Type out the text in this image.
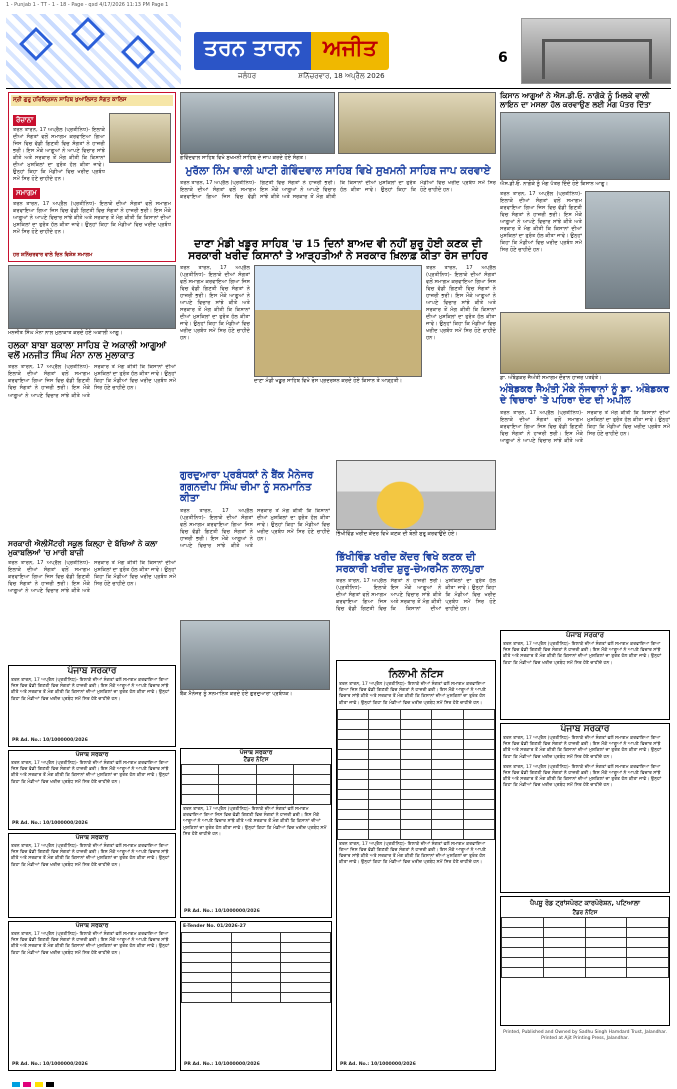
1 - Punjab 1 - TT - 1 - 18 - Page - qxd 4/17/2026 11:13 PM Page 1
ਤਰਨ ਤਾਰਨ	ਅਜੀਤ
ਜਲੰਧਰ	ਸ਼ਨਿੱਚਰਵਾਰ, 18 ਅਪ੍ਰੈਲ 2026
6
ਸ੍ਰੀ ਗੁਰੂ ਹਰਿਕ੍ਰਿਸ਼ਨ ਸਾਹਿਬ ਖੁਆਲਿਸਤ ਸੰਗਤ ਕਾਲਿਸ
ਰੋਜ਼ਾਨਾ
ਤਰਨ ਤਾਰਨ, 17 ਅਪ੍ਰੈਲ (ਪ੍ਰਤੀਨਿਧ)- ਇਲਾਕੇ ਦੀਆਂ ਸੰਗਤਾਂ ਵਲੋਂ ਸਮਾਗਮ ਕਰਵਾਇਆ ਗਿਆ ਜਿਸ ਵਿਚ ਵੱਡੀ ਗਿਣਤੀ ਵਿਚ ਸੰਗਤਾਂ ਨੇ ਹਾਜ਼ਰੀ ਭਰੀ। ਇਸ ਮੌਕੇ ਆਗੂਆਂ ਨੇ ਆਪਣੇ ਵਿਚਾਰ ਸਾਂਝੇ ਕੀਤੇ ਅਤੇ ਸਰਕਾਰ ਤੋਂ ਮੰਗ ਕੀਤੀ ਕਿ ਕਿਸਾਨਾਂ ਦੀਆਂ ਮੁਸ਼ਕਿਲਾਂ ਦਾ ਤੁਰੰਤ ਹੱਲ ਕੀਤਾ ਜਾਵੇ। ਉਨ੍ਹਾਂ ਕਿਹਾ ਕਿ ਮੰਡੀਆਂ ਵਿਚ ਖਰੀਦ ਪ੍ਰਬੰਧ ਸਮੇਂ ਸਿਰ ਹੋਣੇ ਚਾਹੀਦੇ ਹਨ।
ਸਮਾਗਮ
ਤਰਨ ਤਾਰਨ, 17 ਅਪ੍ਰੈਲ (ਪ੍ਰਤੀਨਿਧ)- ਇਲਾਕੇ ਦੀਆਂ ਸੰਗਤਾਂ ਵਲੋਂ ਸਮਾਗਮ ਕਰਵਾਇਆ ਗਿਆ ਜਿਸ ਵਿਚ ਵੱਡੀ ਗਿਣਤੀ ਵਿਚ ਸੰਗਤਾਂ ਨੇ ਹਾਜ਼ਰੀ ਭਰੀ। ਇਸ ਮੌਕੇ ਆਗੂਆਂ ਨੇ ਆਪਣੇ ਵਿਚਾਰ ਸਾਂਝੇ ਕੀਤੇ ਅਤੇ ਸਰਕਾਰ ਤੋਂ ਮੰਗ ਕੀਤੀ ਕਿ ਕਿਸਾਨਾਂ ਦੀਆਂ ਮੁਸ਼ਕਿਲਾਂ ਦਾ ਤੁਰੰਤ ਹੱਲ ਕੀਤਾ ਜਾਵੇ। ਉਨ੍ਹਾਂ ਕਿਹਾ ਕਿ ਮੰਡੀਆਂ ਵਿਚ ਖਰੀਦ ਪ੍ਰਬੰਧ ਸਮੇਂ ਸਿਰ ਹੋਣੇ ਚਾਹੀਦੇ ਹਨ।
ਹਰ ਸ਼ਨਿੱਚਰਵਾਰ ਵਾਲੇ ਦਿਨ ਵਿਸ਼ੇਸ਼ ਸਮਾਗਮ
ਮਨਜੀਤ ਸਿੰਘ ਮੰਨਾ ਨਾਲ ਮੁਲਾਕਾਤ ਕਰਦੇ ਹੋਏ ਅਕਾਲੀ ਆਗੂ।
ਹਲਕਾ ਬਾਬਾ ਬਕਾਲਾ ਸਾਹਿਬ ਦੇ ਅਕਾਲੀ ਆਗੂਆਂ ਵਲੋਂ ਮਨਜੀਤ ਸਿੰਘ ਮੰਨਾ ਨਾਲ ਮੁਲਾਕਾਤ
ਤਰਨ ਤਾਰਨ, 17 ਅਪ੍ਰੈਲ (ਪ੍ਰਤੀਨਿਧ)- ਇਲਾਕੇ ਦੀਆਂ ਸੰਗਤਾਂ ਵਲੋਂ ਸਮਾਗਮ ਕਰਵਾਇਆ ਗਿਆ ਜਿਸ ਵਿਚ ਵੱਡੀ ਗਿਣਤੀ ਵਿਚ ਸੰਗਤਾਂ ਨੇ ਹਾਜ਼ਰੀ ਭਰੀ। ਇਸ ਮੌਕੇ ਆਗੂਆਂ ਨੇ ਆਪਣੇ ਵਿਚਾਰ ਸਾਂਝੇ ਕੀਤੇ ਅਤੇ ਸਰਕਾਰ ਤੋਂ ਮੰਗ ਕੀਤੀ ਕਿ ਕਿਸਾਨਾਂ ਦੀਆਂ ਮੁਸ਼ਕਿਲਾਂ ਦਾ ਤੁਰੰਤ ਹੱਲ ਕੀਤਾ ਜਾਵੇ। ਉਨ੍ਹਾਂ ਕਿਹਾ ਕਿ ਮੰਡੀਆਂ ਵਿਚ ਖਰੀਦ ਪ੍ਰਬੰਧ ਸਮੇਂ ਸਿਰ ਹੋਣੇ ਚਾਹੀਦੇ ਹਨ।
ਗੋਵਿੰਦਵਾਲ ਸਾਹਿਬ ਵਿਖੇ ਸੁਖਮਨੀ ਸਾਹਿਬ ਦੇ ਜਾਪ ਕਰਦੇ ਹੋਏ ਸੰਗਤ।
ਮੁਰੱਲਾ ਨਿੰਮ ਵਾਲੀ ਘਾਟੀ ਗੋਵਿੰਦਵਾਲ ਸਾਹਿਬ ਵਿਖੇ ਸੁਖਮਨੀ ਸਾਹਿਬ ਜਾਪ ਕਰਵਾਏ
ਤਰਨ ਤਾਰਨ, 17 ਅਪ੍ਰੈਲ (ਪ੍ਰਤੀਨਿਧ)- ਇਲਾਕੇ ਦੀਆਂ ਸੰਗਤਾਂ ਵਲੋਂ ਸਮਾਗਮ ਕਰਵਾਇਆ ਗਿਆ ਜਿਸ ਵਿਚ ਵੱਡੀ ਗਿਣਤੀ ਵਿਚ ਸੰਗਤਾਂ ਨੇ ਹਾਜ਼ਰੀ ਭਰੀ। ਇਸ ਮੌਕੇ ਆਗੂਆਂ ਨੇ ਆਪਣੇ ਵਿਚਾਰ ਸਾਂਝੇ ਕੀਤੇ ਅਤੇ ਸਰਕਾਰ ਤੋਂ ਮੰਗ ਕੀਤੀ ਕਿ ਕਿਸਾਨਾਂ ਦੀਆਂ ਮੁਸ਼ਕਿਲਾਂ ਦਾ ਤੁਰੰਤ ਹੱਲ ਕੀਤਾ ਜਾਵੇ। ਉਨ੍ਹਾਂ ਕਿਹਾ ਕਿ ਮੰਡੀਆਂ ਵਿਚ ਖਰੀਦ ਪ੍ਰਬੰਧ ਸਮੇਂ ਸਿਰ ਹੋਣੇ ਚਾਹੀਦੇ ਹਨ।
ਦਾਣਾ ਮੰਡੀ ਖਡੂਰ ਸਾਹਿਬ 'ਚ 15 ਦਿਨਾਂ ਬਾਅਦ ਵੀ ਨਹੀਂ ਸ਼ੁਰੂ ਹੋਈ ਕਣਕ ਦੀ ਸਰਕਾਰੀ ਖਰੀਦ ਕਿਸਾਨਾਂ ਤੇ ਆੜ੍ਹਤੀਆਂ ਨੇ ਸਰਕਾਰ ਖ਼ਿਲਾਫ਼ ਕੀਤਾ ਰੋਸ ਜ਼ਾਹਿਰ
ਤਰਨ ਤਾਰਨ, 17 ਅਪ੍ਰੈਲ (ਪ੍ਰਤੀਨਿਧ)- ਇਲਾਕੇ ਦੀਆਂ ਸੰਗਤਾਂ ਵਲੋਂ ਸਮਾਗਮ ਕਰਵਾਇਆ ਗਿਆ ਜਿਸ ਵਿਚ ਵੱਡੀ ਗਿਣਤੀ ਵਿਚ ਸੰਗਤਾਂ ਨੇ ਹਾਜ਼ਰੀ ਭਰੀ। ਇਸ ਮੌਕੇ ਆਗੂਆਂ ਨੇ ਆਪਣੇ ਵਿਚਾਰ ਸਾਂਝੇ ਕੀਤੇ ਅਤੇ ਸਰਕਾਰ ਤੋਂ ਮੰਗ ਕੀਤੀ ਕਿ ਕਿਸਾਨਾਂ ਦੀਆਂ ਮੁਸ਼ਕਿਲਾਂ ਦਾ ਤੁਰੰਤ ਹੱਲ ਕੀਤਾ ਜਾਵੇ। ਉਨ੍ਹਾਂ ਕਿਹਾ ਕਿ ਮੰਡੀਆਂ ਵਿਚ ਖਰੀਦ ਪ੍ਰਬੰਧ ਸਮੇਂ ਸਿਰ ਹੋਣੇ ਚਾਹੀਦੇ ਹਨ।
ਦਾਣਾ ਮੰਡੀ ਖਡੂਰ ਸਾਹਿਬ ਵਿਖੇ ਰੋਸ ਪ੍ਰਦਰਸ਼ਨ ਕਰਦੇ ਹੋਏ ਕਿਸਾਨ ਤੇ ਆੜ੍ਹਤੀ।
ਤਰਨ ਤਾਰਨ, 17 ਅਪ੍ਰੈਲ (ਪ੍ਰਤੀਨਿਧ)- ਇਲਾਕੇ ਦੀਆਂ ਸੰਗਤਾਂ ਵਲੋਂ ਸਮਾਗਮ ਕਰਵਾਇਆ ਗਿਆ ਜਿਸ ਵਿਚ ਵੱਡੀ ਗਿਣਤੀ ਵਿਚ ਸੰਗਤਾਂ ਨੇ ਹਾਜ਼ਰੀ ਭਰੀ। ਇਸ ਮੌਕੇ ਆਗੂਆਂ ਨੇ ਆਪਣੇ ਵਿਚਾਰ ਸਾਂਝੇ ਕੀਤੇ ਅਤੇ ਸਰਕਾਰ ਤੋਂ ਮੰਗ ਕੀਤੀ ਕਿ ਕਿਸਾਨਾਂ ਦੀਆਂ ਮੁਸ਼ਕਿਲਾਂ ਦਾ ਤੁਰੰਤ ਹੱਲ ਕੀਤਾ ਜਾਵੇ। ਉਨ੍ਹਾਂ ਕਿਹਾ ਕਿ ਮੰਡੀਆਂ ਵਿਚ ਖਰੀਦ ਪ੍ਰਬੰਧ ਸਮੇਂ ਸਿਰ ਹੋਣੇ ਚਾਹੀਦੇ ਹਨ।
ਗੁਰਦੁਆਰਾ ਪ੍ਰਬੰਧਕਾਂ ਨੇ ਬੈਂਕ ਮੈਨੇਜਰ ਗਗਨਦੀਪ ਸਿੰਘ ਚੀਮਾ ਨੂੰ ਸਨਮਾਨਿਤ ਕੀਤਾ
ਤਰਨ ਤਾਰਨ, 17 ਅਪ੍ਰੈਲ (ਪ੍ਰਤੀਨਿਧ)- ਇਲਾਕੇ ਦੀਆਂ ਸੰਗਤਾਂ ਵਲੋਂ ਸਮਾਗਮ ਕਰਵਾਇਆ ਗਿਆ ਜਿਸ ਵਿਚ ਵੱਡੀ ਗਿਣਤੀ ਵਿਚ ਸੰਗਤਾਂ ਨੇ ਹਾਜ਼ਰੀ ਭਰੀ। ਇਸ ਮੌਕੇ ਆਗੂਆਂ ਨੇ ਆਪਣੇ ਵਿਚਾਰ ਸਾਂਝੇ ਕੀਤੇ ਅਤੇ ਸਰਕਾਰ ਤੋਂ ਮੰਗ ਕੀਤੀ ਕਿ ਕਿਸਾਨਾਂ ਦੀਆਂ ਮੁਸ਼ਕਿਲਾਂ ਦਾ ਤੁਰੰਤ ਹੱਲ ਕੀਤਾ ਜਾਵੇ। ਉਨ੍ਹਾਂ ਕਿਹਾ ਕਿ ਮੰਡੀਆਂ ਵਿਚ ਖਰੀਦ ਪ੍ਰਬੰਧ ਸਮੇਂ ਸਿਰ ਹੋਣੇ ਚਾਹੀਦੇ ਹਨ।
ਭਿੱਖੀਵਿੰਡ ਖਰੀਦ ਕੇਂਦਰ ਵਿਖੇ ਕਣਕ ਦੀ ਬੋਲੀ ਸ਼ੁਰੂ ਕਰਵਾਉਂਦੇ ਹੋਏ।
ਬੈਂਕ ਮੈਨੇਜਰ ਨੂੰ ਸਨਮਾਨਿਤ ਕਰਦੇ ਹੋਏ ਗੁਰਦੁਆਰਾ ਪ੍ਰਬੰਧਕ।
ਭਿੱਖੀਵਿੰਡ ਖਰੀਦ ਕੇਂਦਰ ਵਿਖੇ ਕਣਕ ਦੀ ਸਰਕਾਰੀ ਖਰੀਦ ਸ਼ੁਰੂ-ਚੇਅਰਮੈਨ ਲਾਲਪੁਰਾ
ਤਰਨ ਤਾਰਨ, 17 ਅਪ੍ਰੈਲ (ਪ੍ਰਤੀਨਿਧ)- ਇਲਾਕੇ ਦੀਆਂ ਸੰਗਤਾਂ ਵਲੋਂ ਸਮਾਗਮ ਕਰਵਾਇਆ ਗਿਆ ਜਿਸ ਵਿਚ ਵੱਡੀ ਗਿਣਤੀ ਵਿਚ ਸੰਗਤਾਂ ਨੇ ਹਾਜ਼ਰੀ ਭਰੀ। ਇਸ ਮੌਕੇ ਆਗੂਆਂ ਨੇ ਆਪਣੇ ਵਿਚਾਰ ਸਾਂਝੇ ਕੀਤੇ ਅਤੇ ਸਰਕਾਰ ਤੋਂ ਮੰਗ ਕੀਤੀ ਕਿ ਕਿਸਾਨਾਂ ਦੀਆਂ ਮੁਸ਼ਕਿਲਾਂ ਦਾ ਤੁਰੰਤ ਹੱਲ ਕੀਤਾ ਜਾਵੇ। ਉਨ੍ਹਾਂ ਕਿਹਾ ਕਿ ਮੰਡੀਆਂ ਵਿਚ ਖਰੀਦ ਪ੍ਰਬੰਧ ਸਮੇਂ ਸਿਰ ਹੋਣੇ ਚਾਹੀਦੇ ਹਨ।
ਸਰਕਾਰੀ ਐਲੀਮੈਂਟਰੀ ਸਕੂਲ ਕਿਲ੍ਹਾ ਦੇ ਬੱਚਿਆਂ ਨੇ ਕਲਾ ਮੁਕਾਬਲਿਆਂ 'ਚ ਮਾਰੀ ਬਾਜ਼ੀ
ਤਰਨ ਤਾਰਨ, 17 ਅਪ੍ਰੈਲ (ਪ੍ਰਤੀਨਿਧ)- ਇਲਾਕੇ ਦੀਆਂ ਸੰਗਤਾਂ ਵਲੋਂ ਸਮਾਗਮ ਕਰਵਾਇਆ ਗਿਆ ਜਿਸ ਵਿਚ ਵੱਡੀ ਗਿਣਤੀ ਵਿਚ ਸੰਗਤਾਂ ਨੇ ਹਾਜ਼ਰੀ ਭਰੀ। ਇਸ ਮੌਕੇ ਆਗੂਆਂ ਨੇ ਆਪਣੇ ਵਿਚਾਰ ਸਾਂਝੇ ਕੀਤੇ ਅਤੇ ਸਰਕਾਰ ਤੋਂ ਮੰਗ ਕੀਤੀ ਕਿ ਕਿਸਾਨਾਂ ਦੀਆਂ ਮੁਸ਼ਕਿਲਾਂ ਦਾ ਤੁਰੰਤ ਹੱਲ ਕੀਤਾ ਜਾਵੇ। ਉਨ੍ਹਾਂ ਕਿਹਾ ਕਿ ਮੰਡੀਆਂ ਵਿਚ ਖਰੀਦ ਪ੍ਰਬੰਧ ਸਮੇਂ ਸਿਰ ਹੋਣੇ ਚਾਹੀਦੇ ਹਨ।
ਕਿਸਾਨ ਆਗੂਆਂ ਨੇ ਐਸ.ਡੀ.ਓ. ਨਾਗੋਕੇ ਨੂੰ ਮਿਲਕੇ ਵਾਲੀ ਲਾਇਨ ਦਾ ਮਸਲਾ ਹੱਲ ਕਰਵਾਉਣ ਲਈ ਮੰਗ ਪੱਤਰ ਦਿੱਤਾ
ਐਸ.ਡੀ.ਓ. ਨਾਗੋਕੇ ਨੂੰ ਮੰਗ ਪੱਤਰ ਦਿੰਦੇ ਹੋਏ ਕਿਸਾਨ ਆਗੂ।
ਤਰਨ ਤਾਰਨ, 17 ਅਪ੍ਰੈਲ (ਪ੍ਰਤੀਨਿਧ)- ਇਲਾਕੇ ਦੀਆਂ ਸੰਗਤਾਂ ਵਲੋਂ ਸਮਾਗਮ ਕਰਵਾਇਆ ਗਿਆ ਜਿਸ ਵਿਚ ਵੱਡੀ ਗਿਣਤੀ ਵਿਚ ਸੰਗਤਾਂ ਨੇ ਹਾਜ਼ਰੀ ਭਰੀ। ਇਸ ਮੌਕੇ ਆਗੂਆਂ ਨੇ ਆਪਣੇ ਵਿਚਾਰ ਸਾਂਝੇ ਕੀਤੇ ਅਤੇ ਸਰਕਾਰ ਤੋਂ ਮੰਗ ਕੀਤੀ ਕਿ ਕਿਸਾਨਾਂ ਦੀਆਂ ਮੁਸ਼ਕਿਲਾਂ ਦਾ ਤੁਰੰਤ ਹੱਲ ਕੀਤਾ ਜਾਵੇ। ਉਨ੍ਹਾਂ ਕਿਹਾ ਕਿ ਮੰਡੀਆਂ ਵਿਚ ਖਰੀਦ ਪ੍ਰਬੰਧ ਸਮੇਂ ਸਿਰ ਹੋਣੇ ਚਾਹੀਦੇ ਹਨ।
ਡਾ. ਅੰਬੇਡਕਰ ਜੈਅੰਤੀ ਸਮਾਗਮ ਦੌਰਾਨ ਹਾਜ਼ਰ ਪਤਵੰਤੇ।
ਅੰਬੇਡਕਰ ਜੈਅੰਤੀ ਮੌਕੇ ਨੌਜਵਾਨਾਂ ਨੂੰ ਡਾ. ਅੰਬੇਡਕਰ ਦੇ ਵਿਚਾਰਾਂ 'ਤੇ ਪਹਿਰਾ ਦੇਣ ਦੀ ਅਪੀਲ
ਤਰਨ ਤਾਰਨ, 17 ਅਪ੍ਰੈਲ (ਪ੍ਰਤੀਨਿਧ)- ਇਲਾਕੇ ਦੀਆਂ ਸੰਗਤਾਂ ਵਲੋਂ ਸਮਾਗਮ ਕਰਵਾਇਆ ਗਿਆ ਜਿਸ ਵਿਚ ਵੱਡੀ ਗਿਣਤੀ ਵਿਚ ਸੰਗਤਾਂ ਨੇ ਹਾਜ਼ਰੀ ਭਰੀ। ਇਸ ਮੌਕੇ ਆਗੂਆਂ ਨੇ ਆਪਣੇ ਵਿਚਾਰ ਸਾਂਝੇ ਕੀਤੇ ਅਤੇ ਸਰਕਾਰ ਤੋਂ ਮੰਗ ਕੀਤੀ ਕਿ ਕਿਸਾਨਾਂ ਦੀਆਂ ਮੁਸ਼ਕਿਲਾਂ ਦਾ ਤੁਰੰਤ ਹੱਲ ਕੀਤਾ ਜਾਵੇ। ਉਨ੍ਹਾਂ ਕਿਹਾ ਕਿ ਮੰਡੀਆਂ ਵਿਚ ਖਰੀਦ ਪ੍ਰਬੰਧ ਸਮੇਂ ਸਿਰ ਹੋਣੇ ਚਾਹੀਦੇ ਹਨ।
ਪੰਜਾਬ ਸਰਕਾਰ
ਤਰਨ ਤਾਰਨ, 17 ਅਪ੍ਰੈਲ (ਪ੍ਰਤੀਨਿਧ)- ਇਲਾਕੇ ਦੀਆਂ ਸੰਗਤਾਂ ਵਲੋਂ ਸਮਾਗਮ ਕਰਵਾਇਆ ਗਿਆ ਜਿਸ ਵਿਚ ਵੱਡੀ ਗਿਣਤੀ ਵਿਚ ਸੰਗਤਾਂ ਨੇ ਹਾਜ਼ਰੀ ਭਰੀ। ਇਸ ਮੌਕੇ ਆਗੂਆਂ ਨੇ ਆਪਣੇ ਵਿਚਾਰ ਸਾਂਝੇ ਕੀਤੇ ਅਤੇ ਸਰਕਾਰ ਤੋਂ ਮੰਗ ਕੀਤੀ ਕਿ ਕਿਸਾਨਾਂ ਦੀਆਂ ਮੁਸ਼ਕਿਲਾਂ ਦਾ ਤੁਰੰਤ ਹੱਲ ਕੀਤਾ ਜਾਵੇ। ਉਨ੍ਹਾਂ ਕਿਹਾ ਕਿ ਮੰਡੀਆਂ ਵਿਚ ਖਰੀਦ ਪ੍ਰਬੰਧ ਸਮੇਂ ਸਿਰ ਹੋਣੇ ਚਾਹੀਦੇ ਹਨ।
PR Ad. No.: 10/1000000/2026
ਪੰਜਾਬ ਸਰਕਾਰ
ਤਰਨ ਤਾਰਨ, 17 ਅਪ੍ਰੈਲ (ਪ੍ਰਤੀਨਿਧ)- ਇਲਾਕੇ ਦੀਆਂ ਸੰਗਤਾਂ ਵਲੋਂ ਸਮਾਗਮ ਕਰਵਾਇਆ ਗਿਆ ਜਿਸ ਵਿਚ ਵੱਡੀ ਗਿਣਤੀ ਵਿਚ ਸੰਗਤਾਂ ਨੇ ਹਾਜ਼ਰੀ ਭਰੀ। ਇਸ ਮੌਕੇ ਆਗੂਆਂ ਨੇ ਆਪਣੇ ਵਿਚਾਰ ਸਾਂਝੇ ਕੀਤੇ ਅਤੇ ਸਰਕਾਰ ਤੋਂ ਮੰਗ ਕੀਤੀ ਕਿ ਕਿਸਾਨਾਂ ਦੀਆਂ ਮੁਸ਼ਕਿਲਾਂ ਦਾ ਤੁਰੰਤ ਹੱਲ ਕੀਤਾ ਜਾਵੇ। ਉਨ੍ਹਾਂ ਕਿਹਾ ਕਿ ਮੰਡੀਆਂ ਵਿਚ ਖਰੀਦ ਪ੍ਰਬੰਧ ਸਮੇਂ ਸਿਰ ਹੋਣੇ ਚਾਹੀਦੇ ਹਨ।
PR Ad. No.: 10/1000000/2026
ਪੰਜਾਬ ਸਰਕਾਰ
ਤਰਨ ਤਾਰਨ, 17 ਅਪ੍ਰੈਲ (ਪ੍ਰਤੀਨਿਧ)- ਇਲਾਕੇ ਦੀਆਂ ਸੰਗਤਾਂ ਵਲੋਂ ਸਮਾਗਮ ਕਰਵਾਇਆ ਗਿਆ ਜਿਸ ਵਿਚ ਵੱਡੀ ਗਿਣਤੀ ਵਿਚ ਸੰਗਤਾਂ ਨੇ ਹਾਜ਼ਰੀ ਭਰੀ। ਇਸ ਮੌਕੇ ਆਗੂਆਂ ਨੇ ਆਪਣੇ ਵਿਚਾਰ ਸਾਂਝੇ ਕੀਤੇ ਅਤੇ ਸਰਕਾਰ ਤੋਂ ਮੰਗ ਕੀਤੀ ਕਿ ਕਿਸਾਨਾਂ ਦੀਆਂ ਮੁਸ਼ਕਿਲਾਂ ਦਾ ਤੁਰੰਤ ਹੱਲ ਕੀਤਾ ਜਾਵੇ। ਉਨ੍ਹਾਂ ਕਿਹਾ ਕਿ ਮੰਡੀਆਂ ਵਿਚ ਖਰੀਦ ਪ੍ਰਬੰਧ ਸਮੇਂ ਸਿਰ ਹੋਣੇ ਚਾਹੀਦੇ ਹਨ।
ਪੰਜਾਬ ਸਰਕਾਰ
ਤਰਨ ਤਾਰਨ, 17 ਅਪ੍ਰੈਲ (ਪ੍ਰਤੀਨਿਧ)- ਇਲਾਕੇ ਦੀਆਂ ਸੰਗਤਾਂ ਵਲੋਂ ਸਮਾਗਮ ਕਰਵਾਇਆ ਗਿਆ ਜਿਸ ਵਿਚ ਵੱਡੀ ਗਿਣਤੀ ਵਿਚ ਸੰਗਤਾਂ ਨੇ ਹਾਜ਼ਰੀ ਭਰੀ। ਇਸ ਮੌਕੇ ਆਗੂਆਂ ਨੇ ਆਪਣੇ ਵਿਚਾਰ ਸਾਂਝੇ ਕੀਤੇ ਅਤੇ ਸਰਕਾਰ ਤੋਂ ਮੰਗ ਕੀਤੀ ਕਿ ਕਿਸਾਨਾਂ ਦੀਆਂ ਮੁਸ਼ਕਿਲਾਂ ਦਾ ਤੁਰੰਤ ਹੱਲ ਕੀਤਾ ਜਾਵੇ। ਉਨ੍ਹਾਂ ਕਿਹਾ ਕਿ ਮੰਡੀਆਂ ਵਿਚ ਖਰੀਦ ਪ੍ਰਬੰਧ ਸਮੇਂ ਸਿਰ ਹੋਣੇ ਚਾਹੀਦੇ ਹਨ।
PR Ad. No.: 10/1000000/2026
ਪੰਜਾਬ ਸਰਕਾਰ
ਟੈਂਡਰ ਨੋਟਿਸ

ਤਰਨ ਤਾਰਨ, 17 ਅਪ੍ਰੈਲ (ਪ੍ਰਤੀਨਿਧ)- ਇਲਾਕੇ ਦੀਆਂ ਸੰਗਤਾਂ ਵਲੋਂ ਸਮਾਗਮ ਕਰਵਾਇਆ ਗਿਆ ਜਿਸ ਵਿਚ ਵੱਡੀ ਗਿਣਤੀ ਵਿਚ ਸੰਗਤਾਂ ਨੇ ਹਾਜ਼ਰੀ ਭਰੀ। ਇਸ ਮੌਕੇ ਆਗੂਆਂ ਨੇ ਆਪਣੇ ਵਿਚਾਰ ਸਾਂਝੇ ਕੀਤੇ ਅਤੇ ਸਰਕਾਰ ਤੋਂ ਮੰਗ ਕੀਤੀ ਕਿ ਕਿਸਾਨਾਂ ਦੀਆਂ ਮੁਸ਼ਕਿਲਾਂ ਦਾ ਤੁਰੰਤ ਹੱਲ ਕੀਤਾ ਜਾਵੇ। ਉਨ੍ਹਾਂ ਕਿਹਾ ਕਿ ਮੰਡੀਆਂ ਵਿਚ ਖਰੀਦ ਪ੍ਰਬੰਧ ਸਮੇਂ ਸਿਰ ਹੋਣੇ ਚਾਹੀਦੇ ਹਨ।
PR Ad. No.: 10/1000000/2026
E-Tender No. 01/2026-27

PR Ad. No.: 10/1000000/2026
ਨਿਲਾਮੀ ਨੋਟਿਸ
ਤਰਨ ਤਾਰਨ, 17 ਅਪ੍ਰੈਲ (ਪ੍ਰਤੀਨਿਧ)- ਇਲਾਕੇ ਦੀਆਂ ਸੰਗਤਾਂ ਵਲੋਂ ਸਮਾਗਮ ਕਰਵਾਇਆ ਗਿਆ ਜਿਸ ਵਿਚ ਵੱਡੀ ਗਿਣਤੀ ਵਿਚ ਸੰਗਤਾਂ ਨੇ ਹਾਜ਼ਰੀ ਭਰੀ। ਇਸ ਮੌਕੇ ਆਗੂਆਂ ਨੇ ਆਪਣੇ ਵਿਚਾਰ ਸਾਂਝੇ ਕੀਤੇ ਅਤੇ ਸਰਕਾਰ ਤੋਂ ਮੰਗ ਕੀਤੀ ਕਿ ਕਿਸਾਨਾਂ ਦੀਆਂ ਮੁਸ਼ਕਿਲਾਂ ਦਾ ਤੁਰੰਤ ਹੱਲ ਕੀਤਾ ਜਾਵੇ। ਉਨ੍ਹਾਂ ਕਿਹਾ ਕਿ ਮੰਡੀਆਂ ਵਿਚ ਖਰੀਦ ਪ੍ਰਬੰਧ ਸਮੇਂ ਸਿਰ ਹੋਣੇ ਚਾਹੀਦੇ ਹਨ।

ਤਰਨ ਤਾਰਨ, 17 ਅਪ੍ਰੈਲ (ਪ੍ਰਤੀਨਿਧ)- ਇਲਾਕੇ ਦੀਆਂ ਸੰਗਤਾਂ ਵਲੋਂ ਸਮਾਗਮ ਕਰਵਾਇਆ ਗਿਆ ਜਿਸ ਵਿਚ ਵੱਡੀ ਗਿਣਤੀ ਵਿਚ ਸੰਗਤਾਂ ਨੇ ਹਾਜ਼ਰੀ ਭਰੀ। ਇਸ ਮੌਕੇ ਆਗੂਆਂ ਨੇ ਆਪਣੇ ਵਿਚਾਰ ਸਾਂਝੇ ਕੀਤੇ ਅਤੇ ਸਰਕਾਰ ਤੋਂ ਮੰਗ ਕੀਤੀ ਕਿ ਕਿਸਾਨਾਂ ਦੀਆਂ ਮੁਸ਼ਕਿਲਾਂ ਦਾ ਤੁਰੰਤ ਹੱਲ ਕੀਤਾ ਜਾਵੇ। ਉਨ੍ਹਾਂ ਕਿਹਾ ਕਿ ਮੰਡੀਆਂ ਵਿਚ ਖਰੀਦ ਪ੍ਰਬੰਧ ਸਮੇਂ ਸਿਰ ਹੋਣੇ ਚਾਹੀਦੇ ਹਨ।
PR Ad. No.: 10/1000000/2026
ਪੰਜਾਬ ਸਰਕਾਰ
ਤਰਨ ਤਾਰਨ, 17 ਅਪ੍ਰੈਲ (ਪ੍ਰਤੀਨਿਧ)- ਇਲਾਕੇ ਦੀਆਂ ਸੰਗਤਾਂ ਵਲੋਂ ਸਮਾਗਮ ਕਰਵਾਇਆ ਗਿਆ ਜਿਸ ਵਿਚ ਵੱਡੀ ਗਿਣਤੀ ਵਿਚ ਸੰਗਤਾਂ ਨੇ ਹਾਜ਼ਰੀ ਭਰੀ। ਇਸ ਮੌਕੇ ਆਗੂਆਂ ਨੇ ਆਪਣੇ ਵਿਚਾਰ ਸਾਂਝੇ ਕੀਤੇ ਅਤੇ ਸਰਕਾਰ ਤੋਂ ਮੰਗ ਕੀਤੀ ਕਿ ਕਿਸਾਨਾਂ ਦੀਆਂ ਮੁਸ਼ਕਿਲਾਂ ਦਾ ਤੁਰੰਤ ਹੱਲ ਕੀਤਾ ਜਾਵੇ। ਉਨ੍ਹਾਂ ਕਿਹਾ ਕਿ ਮੰਡੀਆਂ ਵਿਚ ਖਰੀਦ ਪ੍ਰਬੰਧ ਸਮੇਂ ਸਿਰ ਹੋਣੇ ਚਾਹੀਦੇ ਹਨ।
ਪੰਜਾਬ ਸਰਕਾਰ
ਤਰਨ ਤਾਰਨ, 17 ਅਪ੍ਰੈਲ (ਪ੍ਰਤੀਨਿਧ)- ਇਲਾਕੇ ਦੀਆਂ ਸੰਗਤਾਂ ਵਲੋਂ ਸਮਾਗਮ ਕਰਵਾਇਆ ਗਿਆ ਜਿਸ ਵਿਚ ਵੱਡੀ ਗਿਣਤੀ ਵਿਚ ਸੰਗਤਾਂ ਨੇ ਹਾਜ਼ਰੀ ਭਰੀ। ਇਸ ਮੌਕੇ ਆਗੂਆਂ ਨੇ ਆਪਣੇ ਵਿਚਾਰ ਸਾਂਝੇ ਕੀਤੇ ਅਤੇ ਸਰਕਾਰ ਤੋਂ ਮੰਗ ਕੀਤੀ ਕਿ ਕਿਸਾਨਾਂ ਦੀਆਂ ਮੁਸ਼ਕਿਲਾਂ ਦਾ ਤੁਰੰਤ ਹੱਲ ਕੀਤਾ ਜਾਵੇ। ਉਨ੍ਹਾਂ ਕਿਹਾ ਕਿ ਮੰਡੀਆਂ ਵਿਚ ਖਰੀਦ ਪ੍ਰਬੰਧ ਸਮੇਂ ਸਿਰ ਹੋਣੇ ਚਾਹੀਦੇ ਹਨ।
ਤਰਨ ਤਾਰਨ, 17 ਅਪ੍ਰੈਲ (ਪ੍ਰਤੀਨਿਧ)- ਇਲਾਕੇ ਦੀਆਂ ਸੰਗਤਾਂ ਵਲੋਂ ਸਮਾਗਮ ਕਰਵਾਇਆ ਗਿਆ ਜਿਸ ਵਿਚ ਵੱਡੀ ਗਿਣਤੀ ਵਿਚ ਸੰਗਤਾਂ ਨੇ ਹਾਜ਼ਰੀ ਭਰੀ। ਇਸ ਮੌਕੇ ਆਗੂਆਂ ਨੇ ਆਪਣੇ ਵਿਚਾਰ ਸਾਂਝੇ ਕੀਤੇ ਅਤੇ ਸਰਕਾਰ ਤੋਂ ਮੰਗ ਕੀਤੀ ਕਿ ਕਿਸਾਨਾਂ ਦੀਆਂ ਮੁਸ਼ਕਿਲਾਂ ਦਾ ਤੁਰੰਤ ਹੱਲ ਕੀਤਾ ਜਾਵੇ। ਉਨ੍ਹਾਂ ਕਿਹਾ ਕਿ ਮੰਡੀਆਂ ਵਿਚ ਖਰੀਦ ਪ੍ਰਬੰਧ ਸਮੇਂ ਸਿਰ ਹੋਣੇ ਚਾਹੀਦੇ ਹਨ।
ਪੈਪਸੂ ਰੋਡ ਟ੍ਰਾਂਸਪੋਰਟ ਕਾਰਪੋਰੇਸ਼ਨ, ਪਟਿਆਲਾ
ਟੈਂਡਰ ਨੋਟਿਸ

Printed, Published and Owned by Sadhu Singh Hamdard Trust, Jalandhar. Printed at Ajit Printing Press, Jalandhar.
